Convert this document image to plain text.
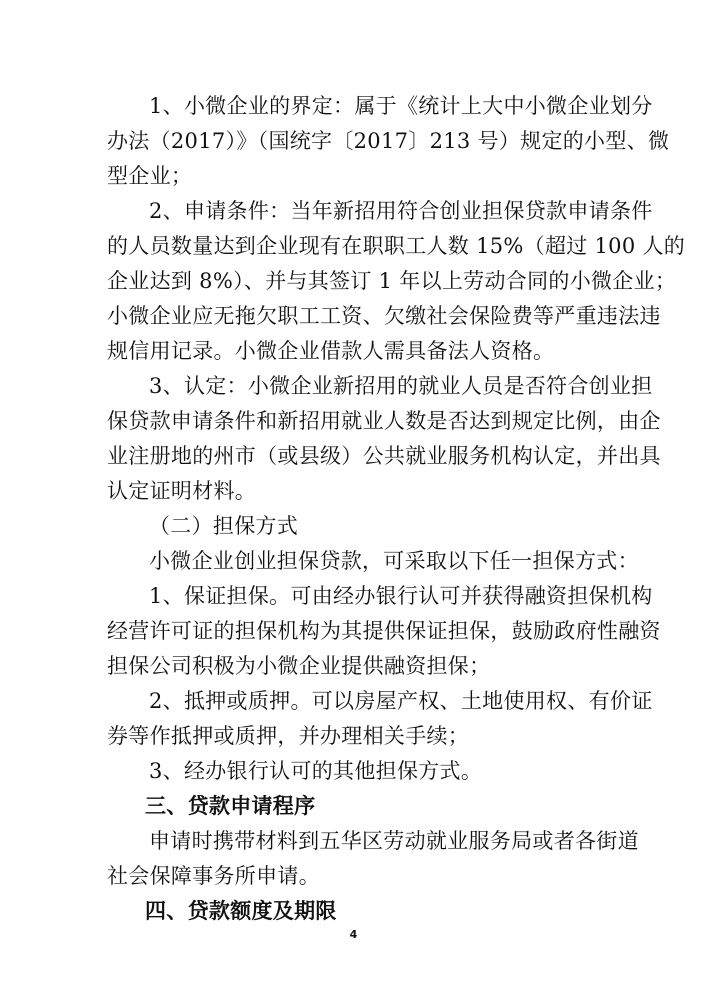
1、小微企业的界定：属于《统计上大中小微企业划分
办法（2017）》（国统字〔2017〕213 号）规定的小型、微
型企业；
2、申请条件：当年新招用符合创业担保贷款申请条件
的人员数量达到企业现有在职职工人数 15%（超过 100 人的
企业达到 8%）、并与其签订 1 年以上劳动合同的小微企业；
小微企业应无拖欠职工工资、欠缴社会保险费等严重违法违
规信用记录。小微企业借款人需具备法人资格。
3、认定：小微企业新招用的就业人员是否符合创业担
保贷款申请条件和新招用就业人数是否达到规定比例，由企
业注册地的州市（或县级）公共就业服务机构认定，并出具
认定证明材料。
（二）担保方式
小微企业创业担保贷款，可采取以下任一担保方式：
1、保证担保。可由经办银行认可并获得融资担保机构
经营许可证的担保机构为其提供保证担保，鼓励政府性融资
担保公司积极为小微企业提供融资担保；
2、抵押或质押。可以房屋产权、土地使用权、有价证
券等作抵押或质押，并办理相关手续；
3、经办银行认可的其他担保方式。
三、贷款申请程序
申请时携带材料到五华区劳动就业服务局或者各街道
社会保障事务所申请。
四、贷款额度及期限
4
